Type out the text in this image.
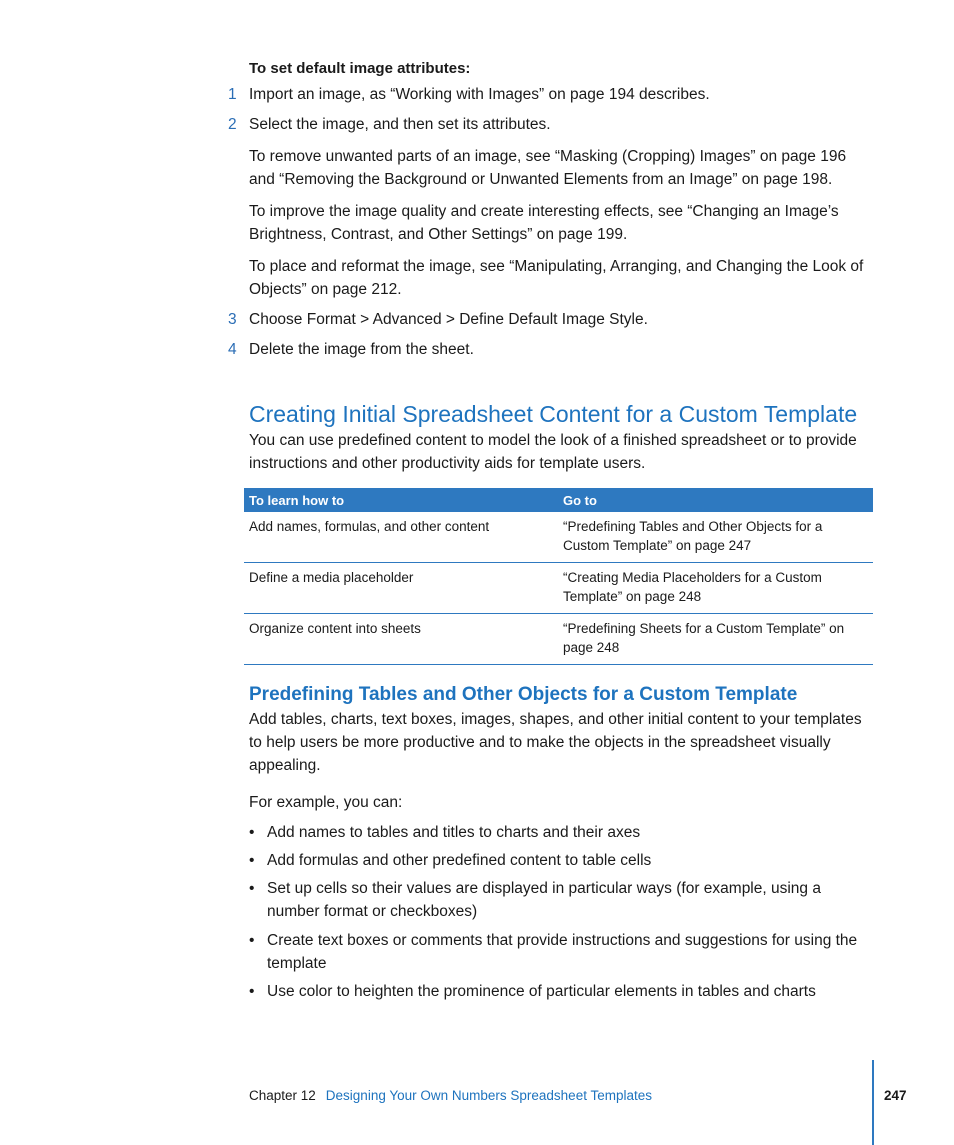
To set default image attributes:
1 Import an image, as “Working with Images” on page 194 describes.
2 Select the image, and then set its attributes.

To remove unwanted parts of an image, see “Masking (Cropping) Images” on page 196 and “Removing the Background or Unwanted Elements from an Image” on page 198.

To improve the image quality and create interesting effects, see “Changing an Image’s Brightness, Contrast, and Other Settings” on page 199.

To place and reformat the image, see “Manipulating, Arranging, and Changing the Look of Objects” on page 212.

3 Choose Format > Advanced > Define Default Image Style.
4 Delete the image from the sheet.
Creating Initial Spreadsheet Content for a Custom Template

You can use predefined content to model the look of a finished spreadsheet or to provide instructions and other productivity aids for template users.

To learn how to	Go to
Add names, formulas, and other content	“Predefining Tables and Other Objects for a Custom Template” on page 247
Define a media placeholder	“Creating Media Placeholders for a Custom Template” on page 248
Organize content into sheets	“Predefining Sheets for a Custom Template” on page 248
Predefining Tables and Other Objects for a Custom Template

Add tables, charts, text boxes, images, shapes, and other initial content to your templates to help users be more productive and to make the objects in the spreadsheet visually appealing.

For example, you can:

• Add names to tables and titles to charts and their axes
• Add formulas and other predefined content to table cells
• Set up cells so their values are displayed in particular ways (for example, using a number format or checkboxes)
• Create text boxes or comments that provide instructions and suggestions for using the template
• Use color to heighten the prominence of particular elements in tables and charts
Chapter 12 Designing Your Own Numbers Spreadsheet Templates	247
